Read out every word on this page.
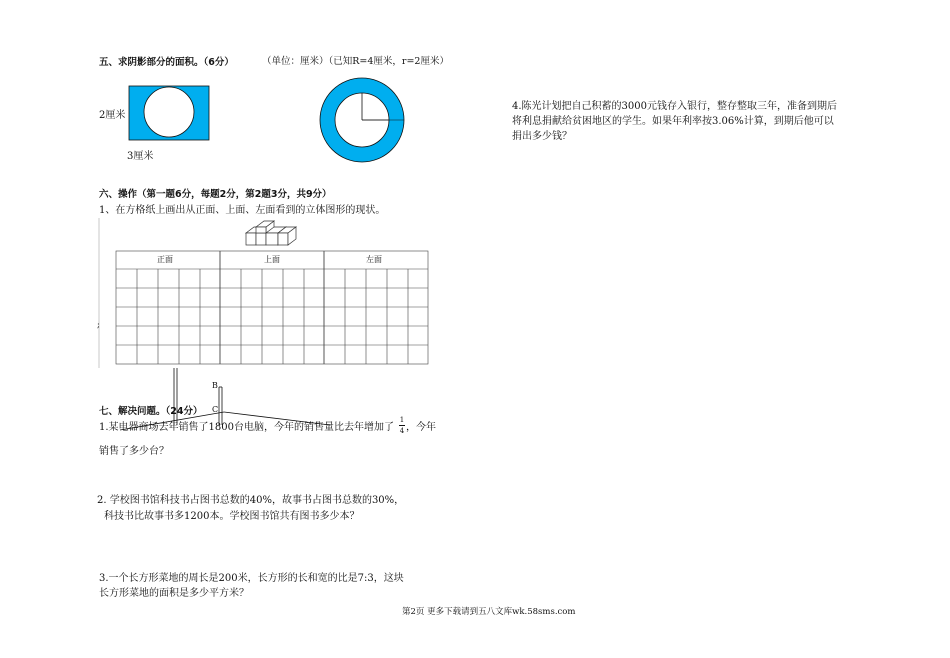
五、求阴影部分的面积。（6分）	（单位：厘米）（已知R=4厘米，r=2厘米）
2厘米
3厘米
六、操作（第一题6分，每题2分，第2题3分，共9分）
1、在方格纸上画出从正面、上面、左面看到的立体图形的现状。
正面	上面	左面
;
B
C
七、解决问题。（24分）
1.某电器商场去年销售了1800台电脑，今年的销售量比去年增加了 ，今年
1
4
销售了多少台？
2. 学校图书馆科技书占图书总数的40%，故事书占图书总数的30%，
科技书比故事书多1200本。学校图书馆共有图书多少本？
3.一个长方形菜地的周长是200米，长方形的长和宽的比是7:3，这块
长方形菜地的面积是多少平方米？
4.陈光计划把自己积蓄的3000元钱存入银行，整存整取三年，准备到期后
将利息捐献给贫困地区的学生。如果年利率按3.06%计算，到期后他可以
捐出多少钱？
第2页 更多下载请到五八文库wk.58sms.com
